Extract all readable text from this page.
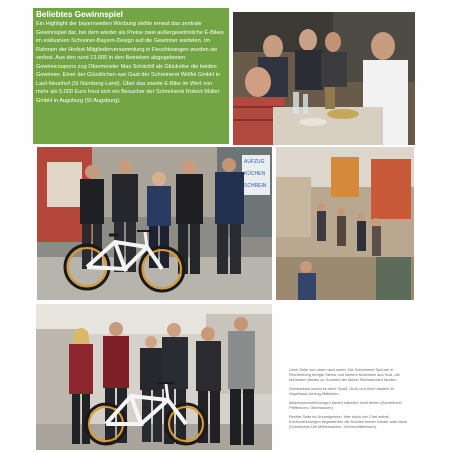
Beliebtes Gewinnspiel

Ein Highlight der bayernweiten Werbung stellte erneut das zentrale Gewinnspiel dar, bei dem wieder als Preise zwei außergewöhnliche E-Bikes im exklusiven Schreiner-Bayern-Design auf die Gewinner warteten. Im Rahmen der Herbst-Mitgliederversammlung in Feuchtwangen wurden sie verlost. Aus den rund 13.000 in den Betrieben abgegebenen Gewinncoupons zog Obermeister Max Schächtl als Glücksfee die beiden Gewinner. Einer der Glücklichen war Gast der Schreinerei Wölfel GmbH in Lauf-Neunhof (SI Nürnberg-Land). Über das zweite E-Bike im Wert von mehr als 5.000 Euro freut sich ein Besucher der Schreinerei Robert Müller GmbH in Augsburg (SI Augsburg).

AUFZUG
KÜCHEN
SCHREIN

Linke Seite von oben nach unten: Die Schreinerei Spörner in Reichenberg fertigte Sterne und weitere Andenken aus Holz, die reißenden Absatz zu Gunsten der Aktion Sternstunden fanden.

Gemeinsam macht es mehr Spaß: Groß und Klein basteln im Vogelhaus-Umzug Mittelsten.

Maschinenvorführungen dürfen natürlich nicht fehlen (Schreinerei Pfefferkorn, Oberhausen).

Rechte Seite im Uhrzeigersinn: Hier kocht der Chef selbst: Kochvorführungen begeisterten die Kunden immer wieder aufs Neue (Schreinerei Die Möbelmacher, Kirchendittenbach).
